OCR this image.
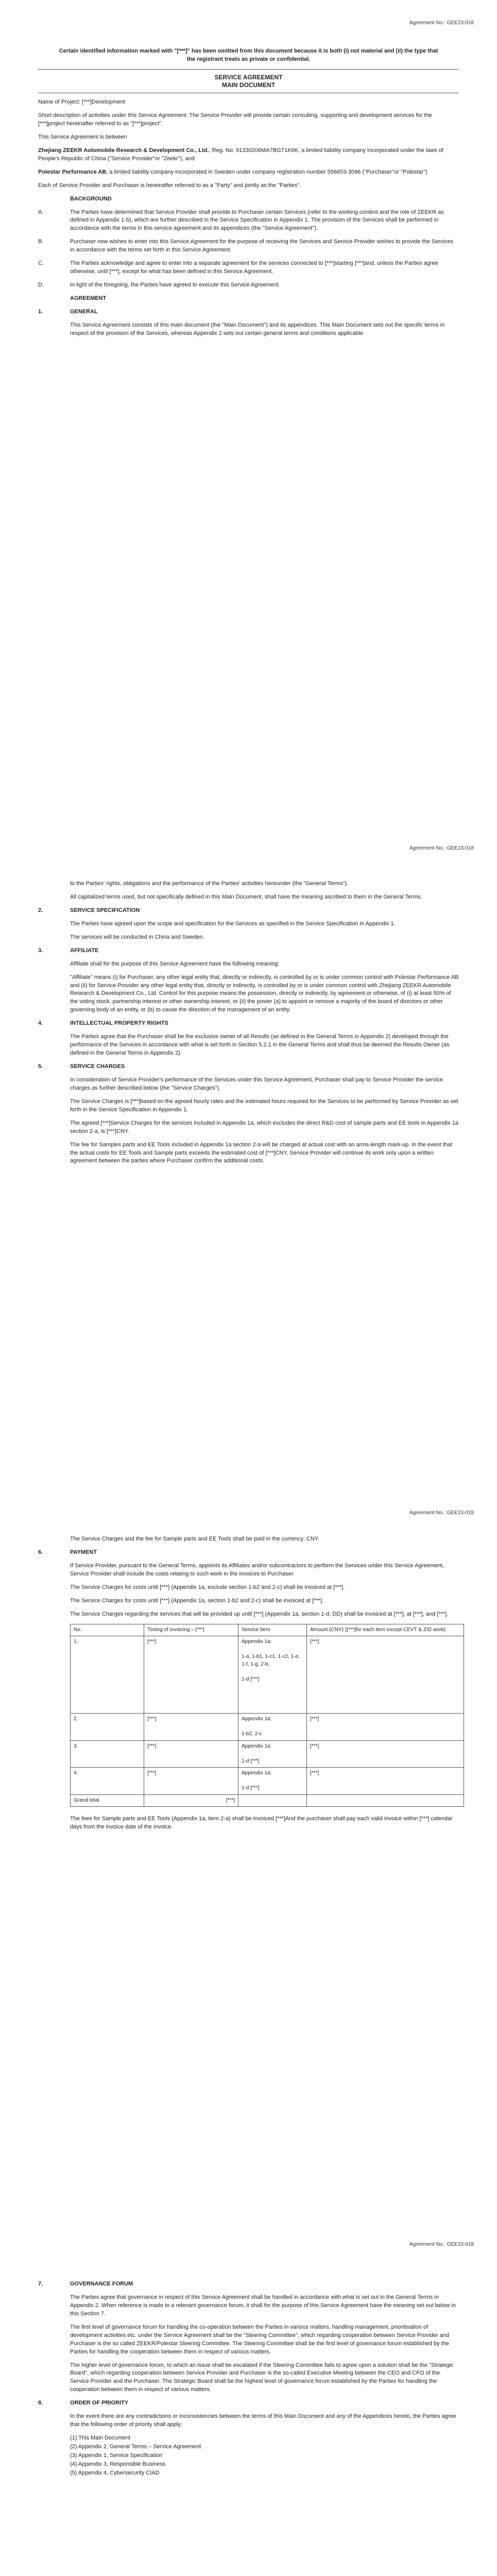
Agreement No.: GEE23-018
Certain identified information marked with "[***]" has been omitted from this document because it is both (i) not material and (ii) the type that the registrant treats as private or confidential.
SERVICE AGREEMENT
MAIN DOCUMENT

Name of Project: [***]Development

Short description of activities under this Service Agreement: The Service Provider will provide certain consulting, supporting and development services for the [***]project hereinafter referred to as "[***]project".

This Service Agreement is between

Zhejiang ZEEKR Automobile Research & Development Co., Ltd., Reg. No. 91330206MA7BGT1K6K, a limited liability company incorporated under the laws of People's Republic of China ("Service Provider"or "Zeekr"), and

Polestar Performance AB, a limited liability company incorporated in Sweden under company registration number 556653-3096 ("Purchaser"or "Polestar")

Each of Service Provider and Purchaser is hereinafter referred to as a "Party" and jointly as the "Parties".

BACKGROUND

A.	The Parties have determined that Service Provider shall provide to Purchaser certain Services (refer to the working content and the role of ZEEKR as defined in Appendix 1-b), which are further described in the Service Specification in Appendix 1. The provision of the Services shall be performed in accordance with the terms in this service agreement and its appendices (the "Service Agreement").
B.	Purchaser now wishes to enter into this Service Agreement for the purpose of receiving the Services and Service Provider wishes to provide the Services in accordance with the terms set forth in this Service Agreement.
C.	The Parties acknowledge and agree to enter into a separate agreement for the services connected to [***]starting [***]and, unless the Parties agree otherwise, until [***], except for what has been defined in this Service Agreement.
D.	In light of the foregoing, the Parties have agreed to execute this Service Agreement.

AGREEMENT

1.	GENERAL

This Service Agreement consists of this main document (the "Main Document") and its appendices. This Main Document sets out the specific terms in respect of the provision of the Services, whereas Appendix 2 sets out certain general terms and conditions applicable

Agreement No.: GEE23-018

to the Parties' rights, obligations and the performance of the Parties' activities hereunder (the "General Terms").

All capitalized terms used, but not specifically defined in this Main Document, shall have the meaning ascribed to them in the General Terms.

2.	SERVICE SPECIFICATION

The Parties have agreed upon the scope and specification for the Services as specified in the Service Specification in Appendix 1.

The services will be conducted in China and Sweden.

3.	AFFILIATE

Affiliate shall for the purpose of this Service Agreement have the following meaning:

"Affiliate" means (i) for Purchaser, any other legal entity that, directly or indirectly, is controlled by or is under common control with Polestar Performance AB and (ii) for Service Provider any other legal entity that, directly or indirectly, is controlled by or is under common control with Zhejiang ZEEKR Automobile Research & Development Co., Ltd. Control for this purpose means the possession, directly or indirectly, by agreement or otherwise, of (i) at least 50% of the voting stock, partnership interest or other ownership interest, or (ii) the power (a) to appoint or remove a majority of the board of directors or other governing body of an entity, or (b) to cause the direction of the management of an entity.

4.	INTELLECTUAL PROPERTY RIGHTS

The Parties agree that the Purchaser shall be the exclusive owner of all Results (as defined in the General Terms in Appendix 2) developed through the performance of the Services in accordance with what is set forth in Section 5.2.1 in the General Terms and shall thus be deemed the Results Owner (as defined in the General Terms in Appendix 2).

5.	SERVICE CHARGES

In consideration of Service Provider's performance of the Services under this Service Agreement, Purchaser shall pay to Service Provider the service charges as further described below (the "Service Charges").

The Service Charges is [***]based on the agreed hourly rates and the estimated hours required for the Services to be performed by Service Provider as set forth in the Service Specification in Appendix 1.

The agreed [***]Service Charges for the services included in Appendix 1a, which excludes the direct R&D cost of sample parts and EE tools in Appendix 1a section 2-a, is [***]CNY.

The fee for Samples parts and EE Tools included in Appendix 1a section 2-a will be charged at actual cost with an arms-length mark-up. In the event that the actual costs for EE Tools and Sample parts exceeds the estimated cost of [***]CNY, Service Provider will continue its work only upon a written agreement between the parties where Purchaser confirm the additional costs.

Agreement No.: GEE23-018

The Service Charges and the fee for Sample parts and EE Tools shall be paid in the currency: CNY.

6.	PAYMENT

If Service Provider, pursuant to the General Terms, appoints its Affiliates and/or subcontractors to perform the Services under this Service Agreement, Service Provider shall include the costs relating to such work in the invoices to Purchaser.

The Service Charges for costs until [***] (Appendix 1a, exclude section 1-b2 and 2-c) shall be invoiced at [***].

The Service Charges for costs until [***] (Appendix 1a, section 1-b2 and 2-c) shall be invoiced at [***].

The Service Charges regarding the services that will be provided up until [***] (Appendix 1a, section 1-d, DD) shall be invoiced at [***], at [***], and [***].

No.	Timing of invoicing – [***]	Service Item	Amount (CNY) ([***]for each item except CEVT & ZID work)
1.	[***]	Appendix 1a:

1-a, 1-b1, 1-c1, 1-c2, 1-e, 1-f, 1-g, 2-b,

1-d [***]	[***]
2.	[***]	Appendix 1a:

1-b2, 2-c	[***]
3.	[***]	Appendix 1a:

1-d [***]	[***]
4.	[***]	Appendix 1a:

1-d [***]	[***]
Grand total	[***]		

The fees for Sample parts and EE Tools (Appendix 1a, item 2-a) shall be invoiced [***]And the purchaser shall pay each valid invoice within [***] calendar days from the invoice date of the invoice.

Agreement No.: GEE23-018
7.	GOVERNANCE FORUM

The Parties agree that governance in respect of this Service Agreement shall be handled in accordance with what is set out in the General Terms in Appendix 2. When reference is made to a relevant governance forum, it shall for the purpose of this Service Agreement have the meaning set out below in this Section 7.

The first level of governance forum for handling the co-operation between the Parties in various matters, handling management, prioritisation of development activities etc. under the Service Agreement shall be the "Steering Committee", which regarding cooperation between Service Provider and Purchaser is the so called ZEEKR/Polestar Steering Committee. The Steering Committee shall be the first level of governance forum established by the Parties for handling the cooperation between them in respect of various matters.

The higher level of governance forum, to which an issue shall be escalated if the Steering Committee fails to agree upon a solution shall be the "Strategic Board", which regarding cooperation between Service Provider and Purchaser is the so-called Executive Meeting between the CEO and CFO of the Service Provider and the Purchaser. The Strategic Board shall be the highest level of governance forum established by the Parties for handling the cooperation between them in respect of various matters.

8.	ORDER OF PRIORITY

In the event there are any contradictions or inconsistencies between the terms of this Main Document and any of the Appendices hereto, the Parties agree that the following order of priority shall apply:

(1) This Main Document
(2) Appendix 2, General Terms – Service Agreement
(3) Appendix 1, Service Specification
(4) Appendix 3, Responsible Business
(5) Appendix 4, Cybersecurity CIAD
